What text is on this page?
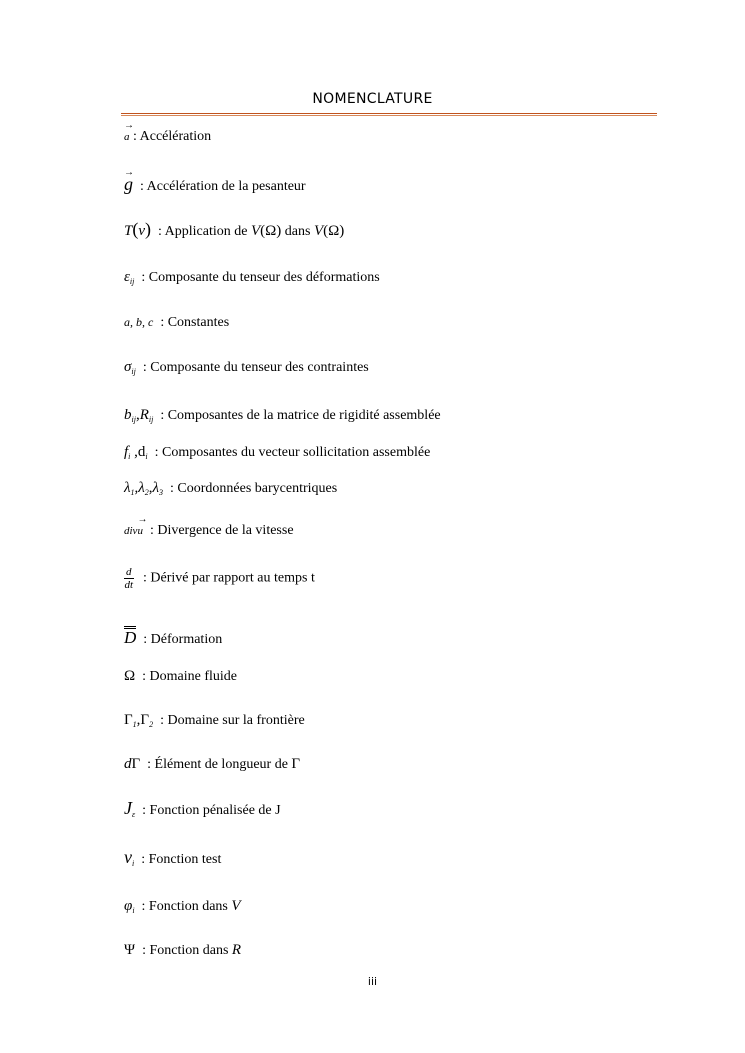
NOMENCLATURE
→ a : Accélération
→ g : Accélération de la pesanteur
T(v) : Application de V(Ω) dans V(Ω)
$\varepsilon_{ij}$ : Composante du tenseur des déformations
a, b, c : Constantes
$\sigma_{ij}$ : Composante du tenseur des contraintes
$b_{ij},R_{ij}$ : Composantes de la matrice de rigidité assemblée
$f_i$ $,d_i$ : Composantes du vecteur sollicitation assemblée
$\lambda_1,\lambda_2,\lambda_3$ : Coordonnées barycentriques
div→ u : Divergence de la vitesse
$\frac{d}{dt}$ : Dérivé par rapport au temps t
D : Déformation
Ω : Domaine fluide
$\Gamma_1,\Gamma_2$ : Domaine sur la frontière
dΓ : Élément de longueur de Γ
$J_\varepsilon$ : Fonction pénalisée de J
$v_i$ : Fonction test
$\varphi_i$ : Fonction dans V
Ψ : Fonction dans R
iii
